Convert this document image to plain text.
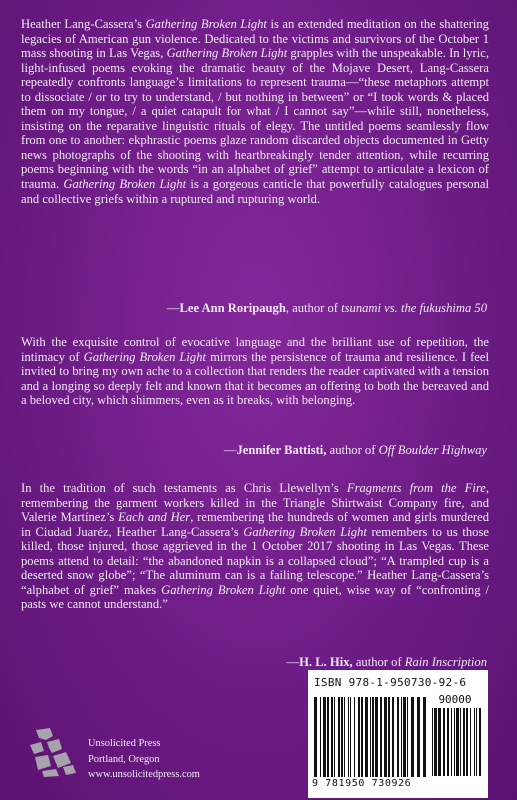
Heather Lang-Cassera’s Gathering Broken Light is an extended meditation on the shattering legacies of American gun violence. Dedicated to the victims and survivors of the October 1 mass shooting in Las Vegas, Gathering Broken Light grapples with the unspeakable. In lyric, light-infused poems evoking the dramatic beauty of the Mojave Desert, Lang-Cassera repeatedly confronts language’s limitations to represent trauma—“these metaphors attempt to dissociate / or to try to understand, / but nothing in between” or “I took words & placed them on my tongue, / a quiet catapult for what / I cannot say”—while still, nonetheless, insisting on the reparative linguistic rituals of elegy. The untitled poems seamlessly flow from one to another: ekphrastic poems glaze random discarded objects documented in Getty news photographs of the shooting with heartbreakingly tender attention, while recurring poems beginning with the words “in an alphabet of grief” attempt to articulate a lexicon of trauma. Gathering Broken Light is a gorgeous canticle that powerfully catalogues personal and collective griefs within a ruptured and rupturing world.

—Lee Ann Roripaugh, author of tsunami vs. the fukushima 50

With the exquisite control of evocative language and the brilliant use of repetition, the intimacy of Gathering Broken Light mirrors the persistence of trauma and resilience. I feel invited to bring my own ache to a collection that renders the reader captivated with a tension and a longing so deeply felt and known that it becomes an offering to both the bereaved and a beloved city, which shimmers, even as it breaks, with belonging.

—Jennifer Battisti, author of Off Boulder Highway

In the tradition of such testaments as Chris Llewellyn’s Fragments from the Fire, remembering the garment workers killed in the Triangle Shirtwaist Company fire, and Valerie Martínez’s Each and Her, remembering the hundreds of women and girls murdered in Ciudad Juaréz, Heather Lang-Cassera’s Gathering Broken Light remembers to us those killed, those injured, those aggrieved in the 1 October 2017 shooting in Las Vegas. These poems attend to detail: “the abandoned napkin is a collapsed cloud”; “A trampled cup is a deserted snow globe”; “The aluminum can is a failing telescope.” Heather Lang-Cassera’s “alphabet of grief” makes Gathering Broken Light one quiet, wise way of “confronting / pasts we cannot understand.”

—H. L. Hix, author of Rain Inscription

ISBN 978-1-950730-92-6
90000
9 781950 730926
Unsolicited Press
Portland, Oregon
www.unsolicitedpress.com
